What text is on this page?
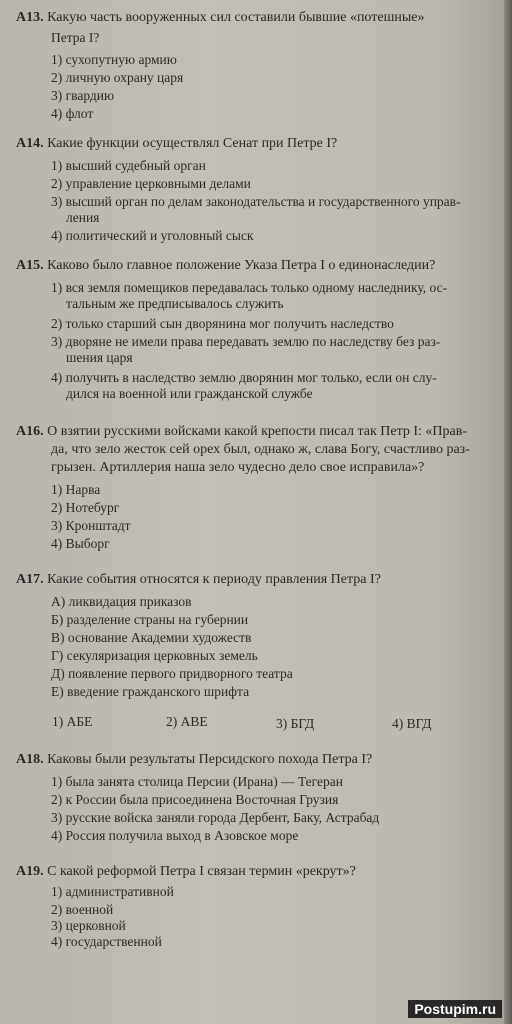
А13. Какую часть вооруженных сил составили бывшие «потешные»
Петра I?
1) сухопутную армию
2) личную охрану царя
3) гвардию
4) флот
А14. Какие функции осуществлял Сенат при Петре I?
1) высший судебный орган
2) управление церковными делами
3) высший орган по делам законодательства и государственного управ-
ления
4) политический и уголовный сыск
А15. Каково было главное положение Указа Петра I о единонаследии?
1) вся земля помещиков передавалась только одному наследнику, ос-
тальным же предписывалось служить
2) только старший сын дворянина мог получить наследство
3) дворяне не имели права передавать землю по наследству без раз-
шения царя
4) получить в наследство землю дворянин мог только, если он слу-
дился на военной или гражданской службе
А16. О взятии русскими войсками какой крепости писал так Петр I: «Прав-
да, что зело жесток сей орех был, однако ж, слава Богу, счастливо раз-
грызен. Артиллерия наша зело чудесно дело свое исправила»?
1) Нарва
2) Нотебург
3) Кронштадт
4) Выборг
А17. Какие события относятся к периоду правления Петра I?
А) ликвидация приказов
Б) разделение страны на губернии
В) основание Академии художеств
Г) секуляризация церковных земель
Д) появление первого придворного театра
Е) введение гражданского шрифта
1) АБЕ	2) АВЕ	3) БГД	4) ВГД
А18. Каковы были результаты Персидского похода Петра I?
1) была занята столица Персии (Ирана) — Тегеран
2) к России была присоединена Восточная Грузия
3) русские войска заняли города Дербент, Баку, Астрабад
4) Россия получила выход в Азовское море
А19. С какой реформой Петра I связан термин «рекрут»?
1) административной
2) военной
3) церковной
4) государственной
Postupim.ru
